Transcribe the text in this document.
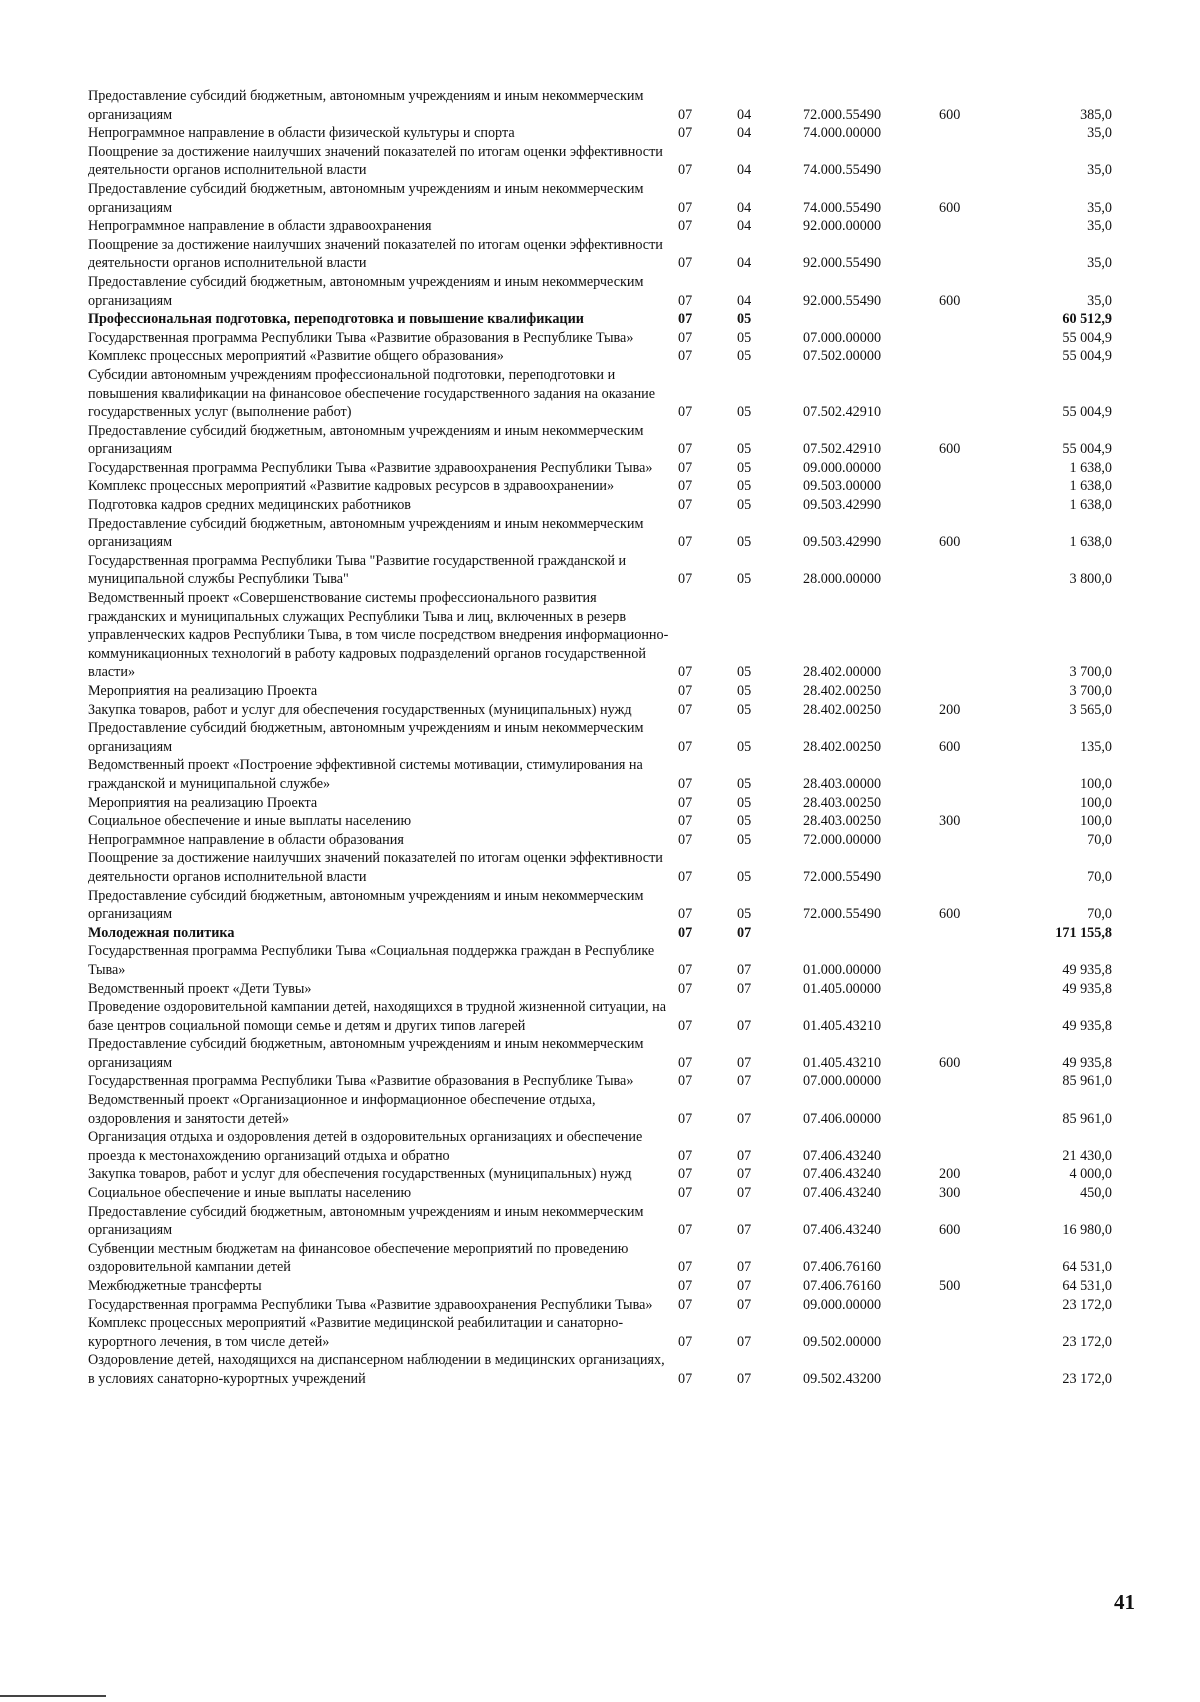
Предоставление субсидий бюджетным, автономным учреждениям и иным некоммерческим организациям	07	04	72.000.55490	600	385,0
Непрограммное направление в области физической культуры и спорта	07	04	74.000.00000		35,0
Поощрение за достижение наилучших значений показателей по итогам оценки эффективности деятельности органов исполнительной власти	07	04	74.000.55490		35,0
Предоставление субсидий бюджетным, автономным учреждениям и иным некоммерческим организациям	07	04	74.000.55490	600	35,0
Непрограммное направление в области здравоохранения	07	04	92.000.00000		35,0
Поощрение за достижение наилучших значений показателей по итогам оценки эффективности деятельности органов исполнительной власти	07	04	92.000.55490		35,0
Предоставление субсидий бюджетным, автономным учреждениям и иным некоммерческим организациям	07	04	92.000.55490	600	35,0
Профессиональная подготовка, переподготовка и повышение квалификации	07	05			60 512,9
Государственная программа Республики Тыва «Развитие образования в Республике Тыва»	07	05	07.000.00000		55 004,9
Комплекс процессных мероприятий «Развитие общего образования»	07	05	07.502.00000		55 004,9
Субсидии автономным учреждениям профессиональной подготовки, переподготовки и повышения квалификации на финансовое обеспечение государственного задания на оказание государственных услуг (выполнение работ)	07	05	07.502.42910		55 004,9
Предоставление субсидий бюджетным, автономным учреждениям и иным некоммерческим организациям	07	05	07.502.42910	600	55 004,9
Государственная программа Республики Тыва «Развитие здравоохранения Республики Тыва»	07	05	09.000.00000		1 638,0
Комплекс процессных мероприятий «Развитие кадровых ресурсов в здравоохранении»	07	05	09.503.00000		1 638,0
Подготовка кадров средних медицинских работников	07	05	09.503.42990		1 638,0
Предоставление субсидий бюджетным, автономным учреждениям и иным некоммерческим организациям	07	05	09.503.42990	600	1 638,0
Государственная программа Республики Тыва "Развитие государственной гражданской и муниципальной службы Республики Тыва"	07	05	28.000.00000		3 800,0
Ведомственный проект «Совершенствование системы профессионального развития гражданских и муниципальных служащих Республики Тыва и лиц, включенных в резерв управленческих кадров Республики Тыва, в том числе посредством внедрения информационно-коммуникационных технологий в работу кадровых подразделений органов государственной власти»	07	05	28.402.00000		3 700,0
Мероприятия на реализацию Проекта	07	05	28.402.00250		3 700,0
Закупка товаров, работ и услуг для обеспечения государственных (муниципальных) нужд	07	05	28.402.00250	200	3 565,0
Предоставление субсидий бюджетным, автономным учреждениям и иным некоммерческим организациям	07	05	28.402.00250	600	135,0
Ведомственный проект «Построение эффективной системы мотивации, стимулирования на гражданской и муниципальной службе»	07	05	28.403.00000		100,0
Мероприятия на реализацию Проекта	07	05	28.403.00250		100,0
Социальное обеспечение и иные выплаты населению	07	05	28.403.00250	300	100,0
Непрограммное направление в области образования	07	05	72.000.00000		70,0
Поощрение за достижение наилучших значений показателей по итогам оценки эффективности деятельности органов исполнительной власти	07	05	72.000.55490		70,0
Предоставление субсидий бюджетным, автономным учреждениям и иным некоммерческим организациям	07	05	72.000.55490	600	70,0
Молодежная политика	07	07			171 155,8
Государственная программа Республики Тыва «Социальная поддержка граждан в Республике Тыва»	07	07	01.000.00000		49 935,8
Ведомственный проект «Дети Тувы»	07	07	01.405.00000		49 935,8
Проведение оздоровительной кампании детей, находящихся в трудной жизненной ситуации, на базе центров социальной помощи семье и детям и других типов лагерей	07	07	01.405.43210		49 935,8
Предоставление субсидий бюджетным, автономным учреждениям и иным некоммерческим организациям	07	07	01.405.43210	600	49 935,8
Государственная программа Республики Тыва «Развитие образования в Республике Тыва»	07	07	07.000.00000		85 961,0
Ведомственный проект «Организационное и информационное обеспечение отдыха, оздоровления и занятости детей»	07	07	07.406.00000		85 961,0
Организация отдыха и оздоровления детей в оздоровительных организациях и обеспечение проезда к местонахождению организаций отдыха и обратно	07	07	07.406.43240		21 430,0
Закупка товаров, работ и услуг для обеспечения государственных (муниципальных) нужд	07	07	07.406.43240	200	4 000,0
Социальное обеспечение и иные выплаты населению	07	07	07.406.43240	300	450,0
Предоставление субсидий бюджетным, автономным учреждениям и иным некоммерческим организациям	07	07	07.406.43240	600	16 980,0
Субвенции местным бюджетам на финансовое обеспечение мероприятий по проведению оздоровительной кампании детей	07	07	07.406.76160		64 531,0
Межбюджетные трансферты	07	07	07.406.76160	500	64 531,0
Государственная программа Республики Тыва «Развитие здравоохранения Республики Тыва»	07	07	09.000.00000		23 172,0
Комплекс процессных мероприятий «Развитие медицинской реабилитации и санаторно-курортного лечения, в том числе детей»	07	07	09.502.00000		23 172,0
Оздоровление детей, находящихся на диспансерном наблюдении в медицинских организациях, в условиях санаторно-курортных учреждений	07	07	09.502.43200		23 172,0
41
